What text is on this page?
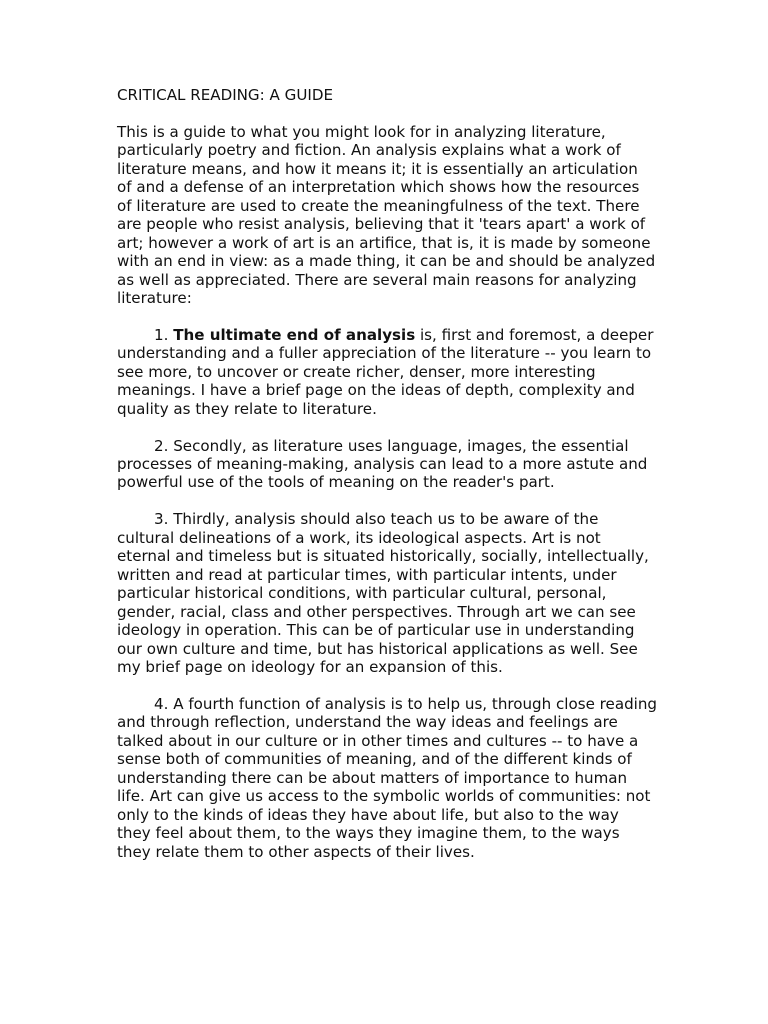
CRITICAL READING: A GUIDE

This is a guide to what you might look for in analyzing literature, particularly poetry and fiction. An analysis explains what a work of literature means, and how it means it; it is essentially an articulation of and a defense of an interpretation which shows how the resources of literature are used to create the meaningfulness of the text. There are people who resist analysis, believing that it 'tears apart' a work of art; however a work of art is an artifice, that is, it is made by someone with an end in view: as a made thing, it can be and should be analyzed as well as appreciated. There are several main reasons for analyzing literature:

1. The ultimate end of analysis is, first and foremost, a deeper understanding and a fuller appreciation of the literature -- you learn to see more, to uncover or create richer, denser, more interesting meanings. I have a brief page on the ideas of depth, complexity and quality as they relate to literature.

2. Secondly, as literature uses language, images, the essential processes of meaning-making, analysis can lead to a more astute and powerful use of the tools of meaning on the reader's part.

3. Thirdly, analysis should also teach us to be aware of the cultural delineations of a work, its ideological aspects. Art is not eternal and timeless but is situated historically, socially, intellectually, written and read at particular times, with particular intents, under particular historical conditions, with particular cultural, personal, gender, racial, class and other perspectives. Through art we can see ideology in operation. This can be of particular use in understanding our own culture and time, but has historical applications as well. See my brief page on ideology for an expansion of this.

4. A fourth function of analysis is to help us, through close reading and through reflection, understand the way ideas and feelings are talked about in our culture or in other times and cultures -- to have a sense both of communities of meaning, and of the different kinds of understanding there can be about matters of importance to human life. Art can give us access to the symbolic worlds of communities: not only to the kinds of ideas they have about life, but also to the way they feel about them, to the ways they imagine them, to the ways they relate them to other aspects of their lives.
